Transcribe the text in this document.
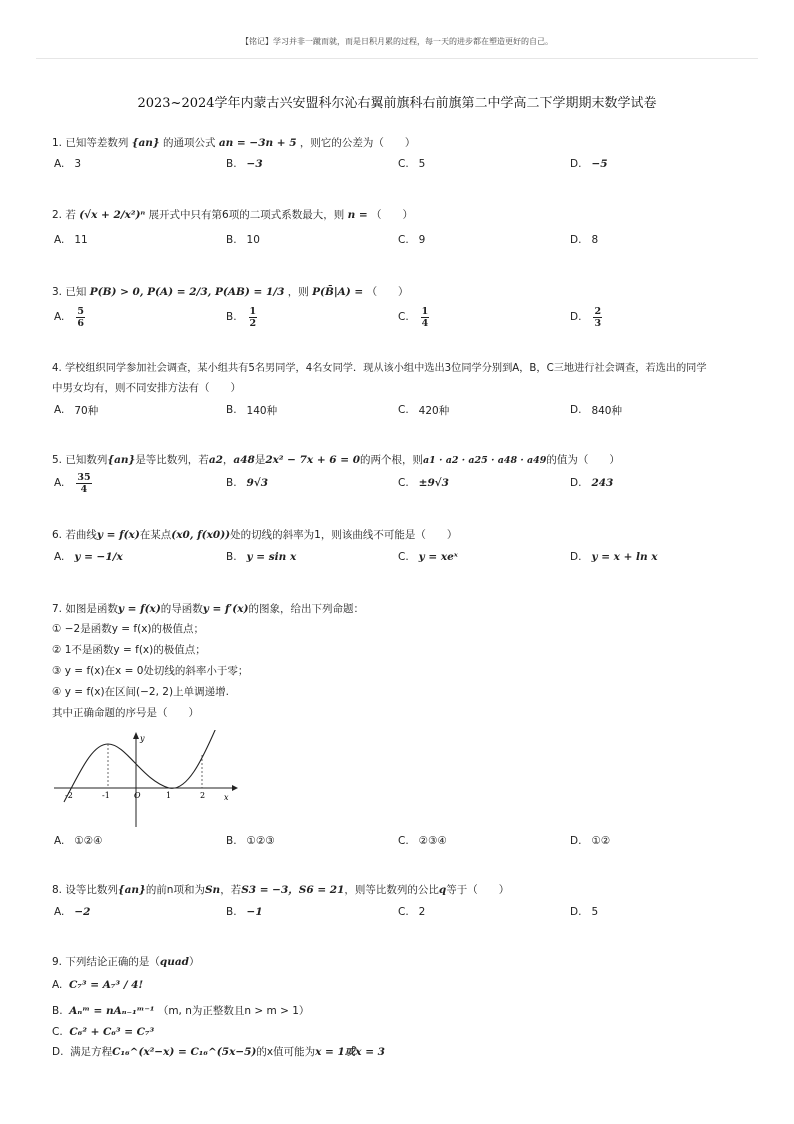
【铭记】学习并非一蹴而就，而是日积月累的过程，每一天的进步都在塑造更好的自己。
2023~2024学年内蒙古兴安盟科尔沁右翼前旗科右前旗第二中学高二下学期期末数学试卷
1. 已知等差数列 {an} 的通项公式 an = −3n + 5 ，则它的公差为（　　）
A. 3	B. −3	C. 5	D. −5
2. 若 (√x + 2/x²)ⁿ 展开式中只有第6项的二项式系数最大，则 n = （　　）
A. 11	B. 10	C. 9	D. 8
3. 已知 P(B) > 0, P(A) = 2/3, P(AB) = 1/3 ，则 P(B̄|A) = （　　）
A. $\frac{5}{6}$	B. $\frac{1}{2}$	C. $\frac{1}{4}$	D. $\frac{2}{3}$
4. 学校组织同学参加社会调查，某小组共有5名男同学，4名女同学．现从该小组中选出3位同学分别到A，B，C三地进行社会调查，若选出的同学
中男女均有，则不同安排方法有（　　）
A. 70种	B. 140种	C. 420种	D. 840种
5. 已知数列{an}是等比数列，若a2，a48是2x² − 7x + 6 = 0的两个根，则a1 · a2 · a25 · a48 · a49的值为（　　）
A. $\frac{35}{4}$	B. 9√3	C. ±9√3	D. 243
6. 若曲线y = f(x)在某点(x0, f(x0))处的切线的斜率为1，则该曲线不可能是（　　）
A. y = −1/x	B. y = sin x	C. y = xeˣ	D. y = x + ln x
7. 如图是函数y = f(x)的导函数y = f′(x)的图象，给出下列命题：
① −2是函数y = f(x)的极值点；
② 1不是函数y = f(x)的极值点；
③ y = f(x)在x = 0处切线的斜率小于零；
④ y = f(x)在区间(−2, 2)上单调递增.
其中正确命题的序号是（　　）
y
x
O
-2	-1	1	2
A. ①②④	B. ①②③	C. ②③④	D. ①②
8. 设等比数列{an}的前n项和为Sn，若S3 = −3，S6 = 21，则等比数列的公比q等于（　　）
A. −2	B. −1	C. 2	D. 5
9. 下列结论正确的是（quad）
A. C₇³ = A₇³ / 4!
B. Aₙᵐ = nAₙ₋₁ᵐ⁻¹ （m, n为正整数且n > m > 1）
C. C₆² + C₆³ = C₇³
D. 满足方程C₁₆^(x²−x) = C₁₆^(5x−5)的x值可能为x = 1或x = 3
